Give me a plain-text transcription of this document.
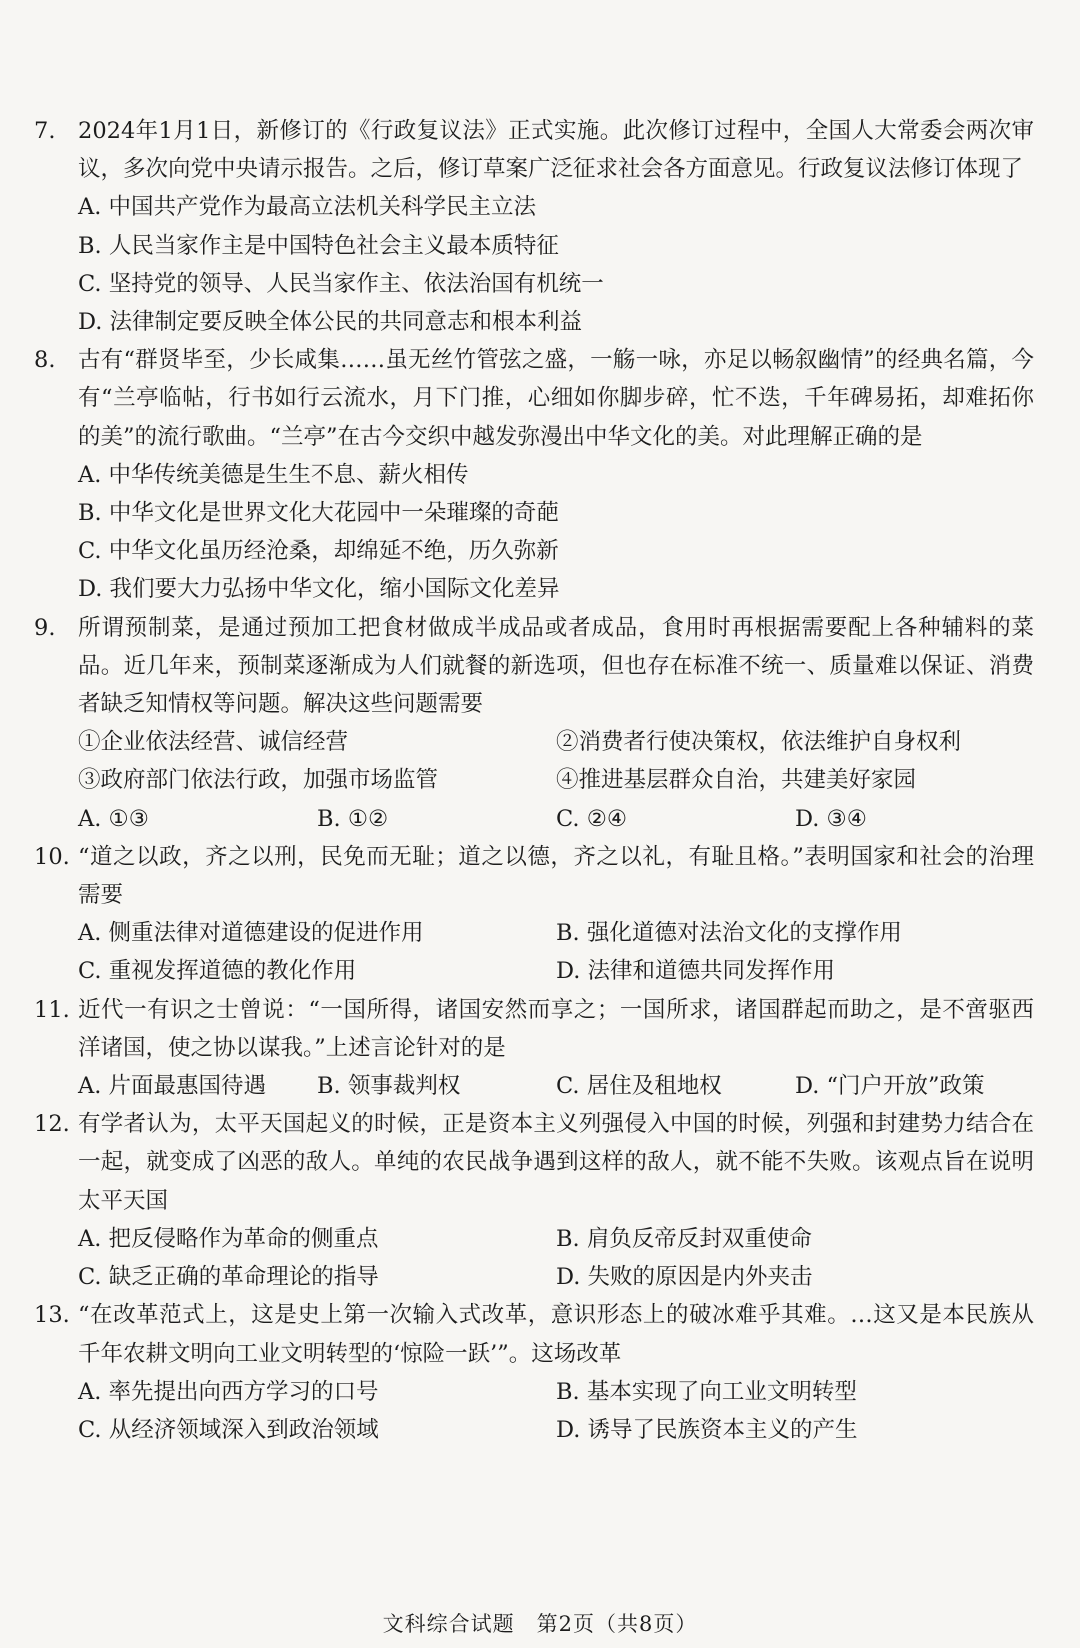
7. 2024年1月1日，新修订的《行政复议法》正式实施。此次修订过程中，全国人大常委会两次审议，多次向党中央请示报告。之后，修订草案广泛征求社会各方面意见。行政复议法修订体现了
A. 中国共产党作为最高立法机关科学民主立法
B. 人民当家作主是中国特色社会主义最本质特征
C. 坚持党的领导、人民当家作主、依法治国有机统一
D. 法律制定要反映全体公民的共同意志和根本利益
8. 古有“群贤毕至，少长咸集……虽无丝竹管弦之盛，一觞一咏，亦足以畅叙幽情”的经典名篇，今有“兰亭临帖，行书如行云流水，月下门推，心细如你脚步碎，忙不迭，千年碑易拓，却难拓你的美”的流行歌曲。“兰亭”在古今交织中越发弥漫出中华文化的美。对此理解正确的是
A. 中华传统美德是生生不息、薪火相传
B. 中华文化是世界文化大花园中一朵璀璨的奇葩
C. 中华文化虽历经沧桑，却绵延不绝，历久弥新
D. 我们要大力弘扬中华文化，缩小国际文化差异
9. 所谓预制菜，是通过预加工把食材做成半成品或者成品，食用时再根据需要配上各种辅料的菜品。近几年来，预制菜逐渐成为人们就餐的新选项，但也存在标准不统一、质量难以保证、消费者缺乏知情权等问题。解决这些问题需要
①企业依法经营、诚信经营	②消费者行使决策权，依法维护自身权利
③政府部门依法行政，加强市场监管	④推进基层群众自治，共建美好家园
A. ①③	B. ①②	C. ②④	D. ③④
10. “道之以政，齐之以刑，民免而无耻；道之以德，齐之以礼，有耻且格。”表明国家和社会的治理需要
A. 侧重法律对道德建设的促进作用	B. 强化道德对法治文化的支撑作用
C. 重视发挥道德的教化作用	D. 法律和道德共同发挥作用
11. 近代一有识之士曾说：“一国所得，诸国安然而享之；一国所求，诸国群起而助之，是不啻驱西洋诸国，使之协以谋我。”上述言论针对的是
A. 片面最惠国待遇	B. 领事裁判权	C. 居住及租地权	D. “门户开放”政策
12. 有学者认为，太平天国起义的时候，正是资本主义列强侵入中国的时候，列强和封建势力结合在一起，就变成了凶恶的敌人。单纯的农民战争遇到这样的敌人，就不能不失败。该观点旨在说明太平天国
A. 把反侵略作为革命的侧重点	B. 肩负反帝反封双重使命
C. 缺乏正确的革命理论的指导	D. 失败的原因是内外夹击
13. “在改革范式上，这是史上第一次输入式改革，意识形态上的破冰难乎其难。…这又是本民族从千年农耕文明向工业文明转型的‘惊险一跃’”。这场改革
A. 率先提出向西方学习的口号	B. 基本实现了向工业文明转型
C. 从经济领域深入到政治领域	D. 诱导了民族资本主义的产生
文科综合试题　第2页（共8页）
